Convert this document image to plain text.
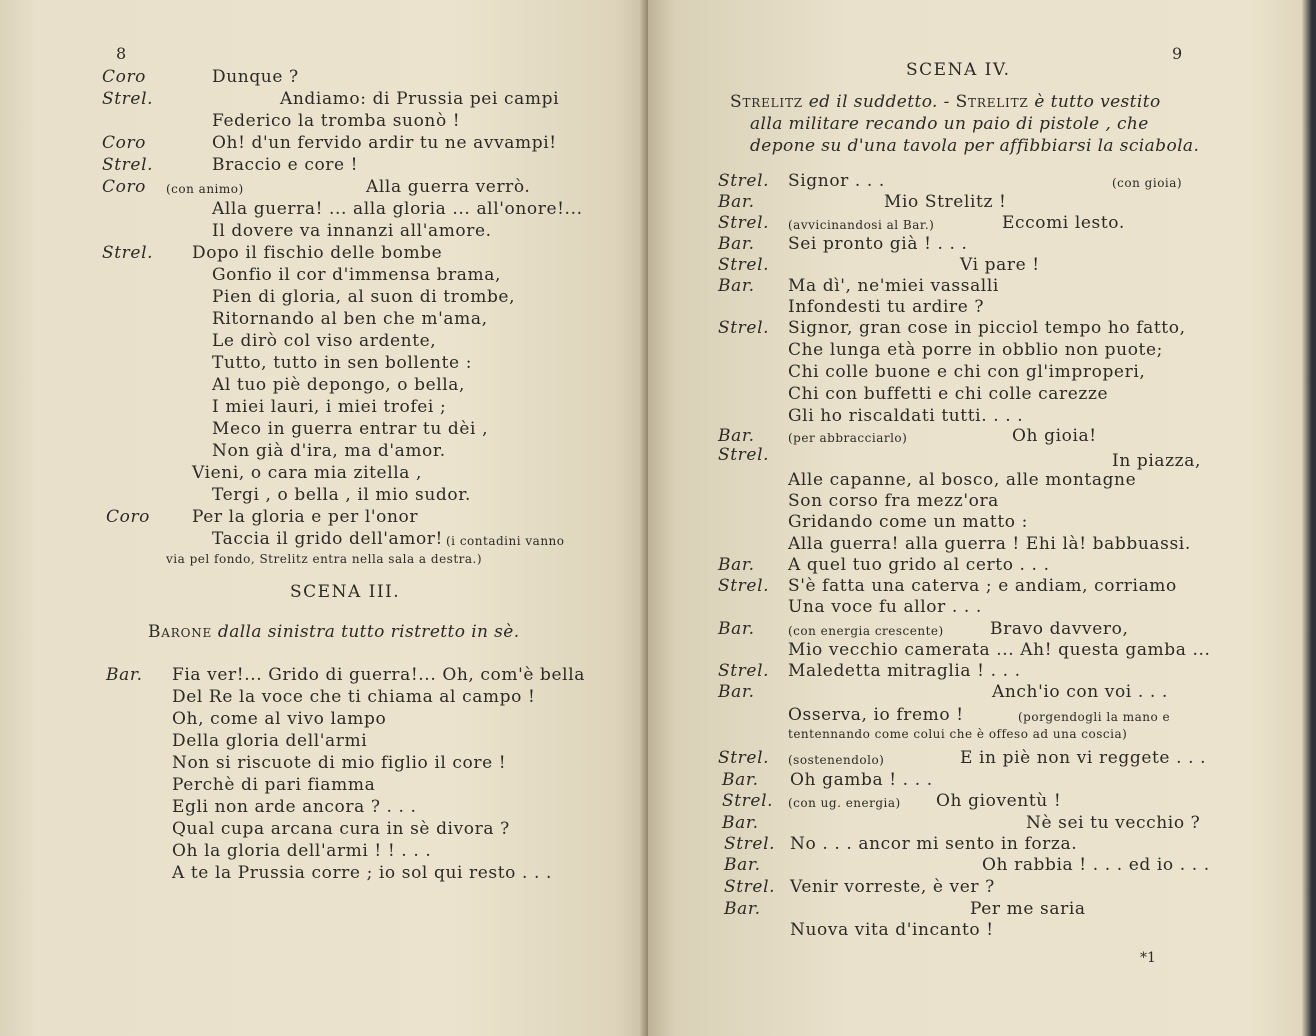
8
Coro	Dunque ?
Strel.	Andiamo: di Prussia pei campi
Federico la tromba suonò !
Coro	Oh! d'un fervido ardir tu ne avvampi!
Strel.	Braccio e core !
Coro (con animo)	Alla guerra verrò.
Alla guerra! ... alla gloria ... all'onore!...
Il dovere va innanzi all'amore.
Strel. Dopo il fischio delle bombe
Gonfio il cor d'immensa brama,
Pien di gloria, al suon di trombe,
Ritornando al ben che m'ama,
Le dirò col viso ardente,
Tutto, tutto in sen bollente :
Al tuo piè depongo, o bella,
I miei lauri, i miei trofei ;
Meco in guerra entrar tu dèi ,
Non già d'ira, ma d'amor.
Vieni, o cara mia zitella ,
Tergi , o bella , il mio sudor.
Coro Per la gloria e per l'onor
Taccia il grido dell'amor! (i contadini vanno
via pel fondo, Strelitz entra nella sala a destra.)
SCENA III.
Barone dalla sinistra tutto ristretto in sè.
Bar. Fia ver!... Grido di guerra!... Oh, com'è bella
Del Re la voce che ti chiama al campo !
Oh, come al vivo lampo
Della gloria dell'armi
Non si riscuote di mio figlio il core !
Perchè di pari fiamma
Egli non arde ancora ? . . .
Qual cupa arcana cura in sè divora ?
Oh la gloria dell'armi ! ! . . .
A te la Prussia corre ; io sol qui resto . . .
9
SCENA IV.
Strelitz ed il suddetto. - Strelitz è tutto vestito
alla militare recando un paio di pistole , che
depone su d'una tavola per affibbiarsi la sciabola.
Strel. Signor . . .	(con gioia)
Bar.	Mio Strelitz !
Strel. (avvicinandosi al Bar.)	Eccomi lesto.
Bar. Sei pronto già ! . . .
Strel.	Vi pare !
Bar. Ma dì', ne'miei vassalli
Infondesti tu ardire ?
Strel. Signor, gran cose in picciol tempo ho fatto,
Che lunga età porre in obblio non puote;
Chi colle buone e chi con gl'improperi,
Chi con buffetti e chi colle carezze
Gli ho riscaldati tutti. . . .
Bar.	(per abbracciarlo)	Oh gioia!
Strel.	In piazza,
Alle capanne, al bosco, alle montagne
Son corso fra mezz'ora
Gridando come un matto :
Alla guerra! alla guerra ! Ehi là! babbuassi.
Bar. A quel tuo grido al certo . . .
Strel. S'è fatta una caterva ; e andiam, corriamo
Una voce fu allor . . .
Bar.	(con energia crescente)	Bravo davvero,
Mio vecchio camerata ... Ah! questa gamba ...
Strel. Maledetta mitraglia ! . . .
Bar.	Anch'io con voi . . .
Osserva, io fremo !	(porgendogli la mano e
tentennando come colui che è offeso ad una coscia)
Strel. (sostenendolo)	E in piè non vi reggete . . .
Bar. Oh gamba ! . . .
Strel. (con ug. energia) Oh gioventù !
Bar.	Nè sei tu vecchio ?
Strel. No . . . ancor mi sento in forza.
Bar.	Oh rabbia ! . . . ed io . . .
Strel. Venir vorreste, è ver ?
Bar.	Per me saria
Nuova vita d'incanto !
*1
